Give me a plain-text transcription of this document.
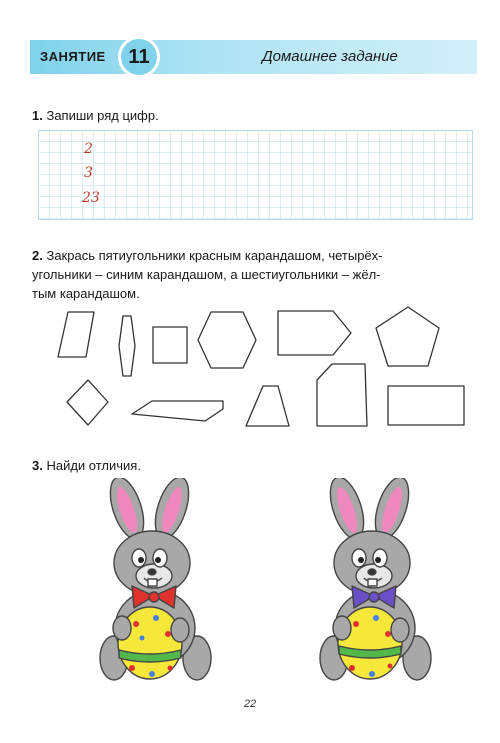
ЗАНЯТИЕ	11	Домашнее задание
1. Запиши ряд цифр.
2
3
23
2. Закрась пятиугольники красным карандашом, четырёх-
угольники – синим карандашом, а шестиугольники – жёл-
тым карандашом.
3. Найди отличия.
22
